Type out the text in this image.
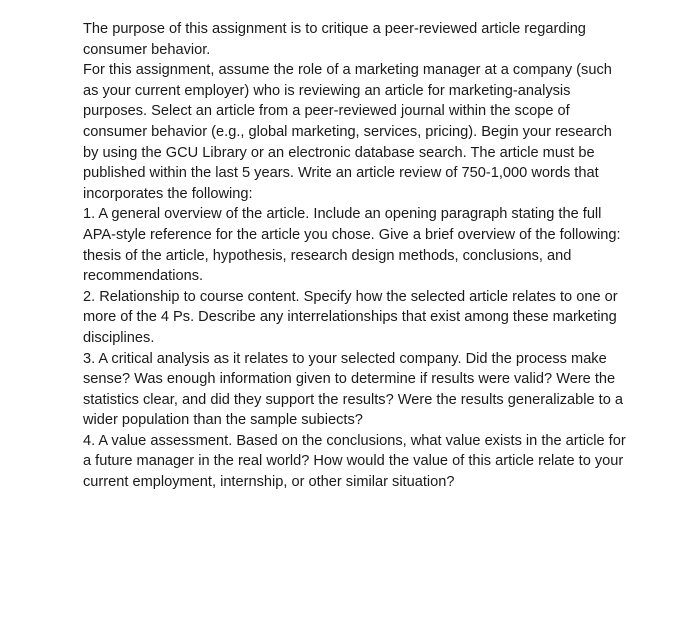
The purpose of this assignment is to critique a peer-reviewed article regarding consumer behavior.

For this assignment, assume the role of a marketing manager at a company (such as your current employer) who is reviewing an article for marketing-analysis purposes. Select an article from a peer-reviewed journal within the scope of consumer behavior (e.g., global marketing, services, pricing). Begin your research by using the GCU Library or an electronic database search. The article must be published within the last 5 years. Write an article review of 750-1,000 words that incorporates the following:

1. A general overview of the article. Include an opening paragraph stating the full APA-style reference for the article you chose. Give a brief overview of the following: thesis of the article, hypothesis, research design methods, conclusions, and recommendations.

2. Relationship to course content. Specify how the selected article relates to one or more of the 4 Ps. Describe any interrelationships that exist among these marketing disciplines.

3. A critical analysis as it relates to your selected company. Did the process make sense? Was enough information given to determine if results were valid? Were the statistics clear, and did they support the results? Were the results generalizable to a wider population than the sample subiects?

4. A value assessment. Based on the conclusions, what value exists in the article for a future manager in the real world? How would the value of this article relate to your current employment, internship, or other similar situation?
